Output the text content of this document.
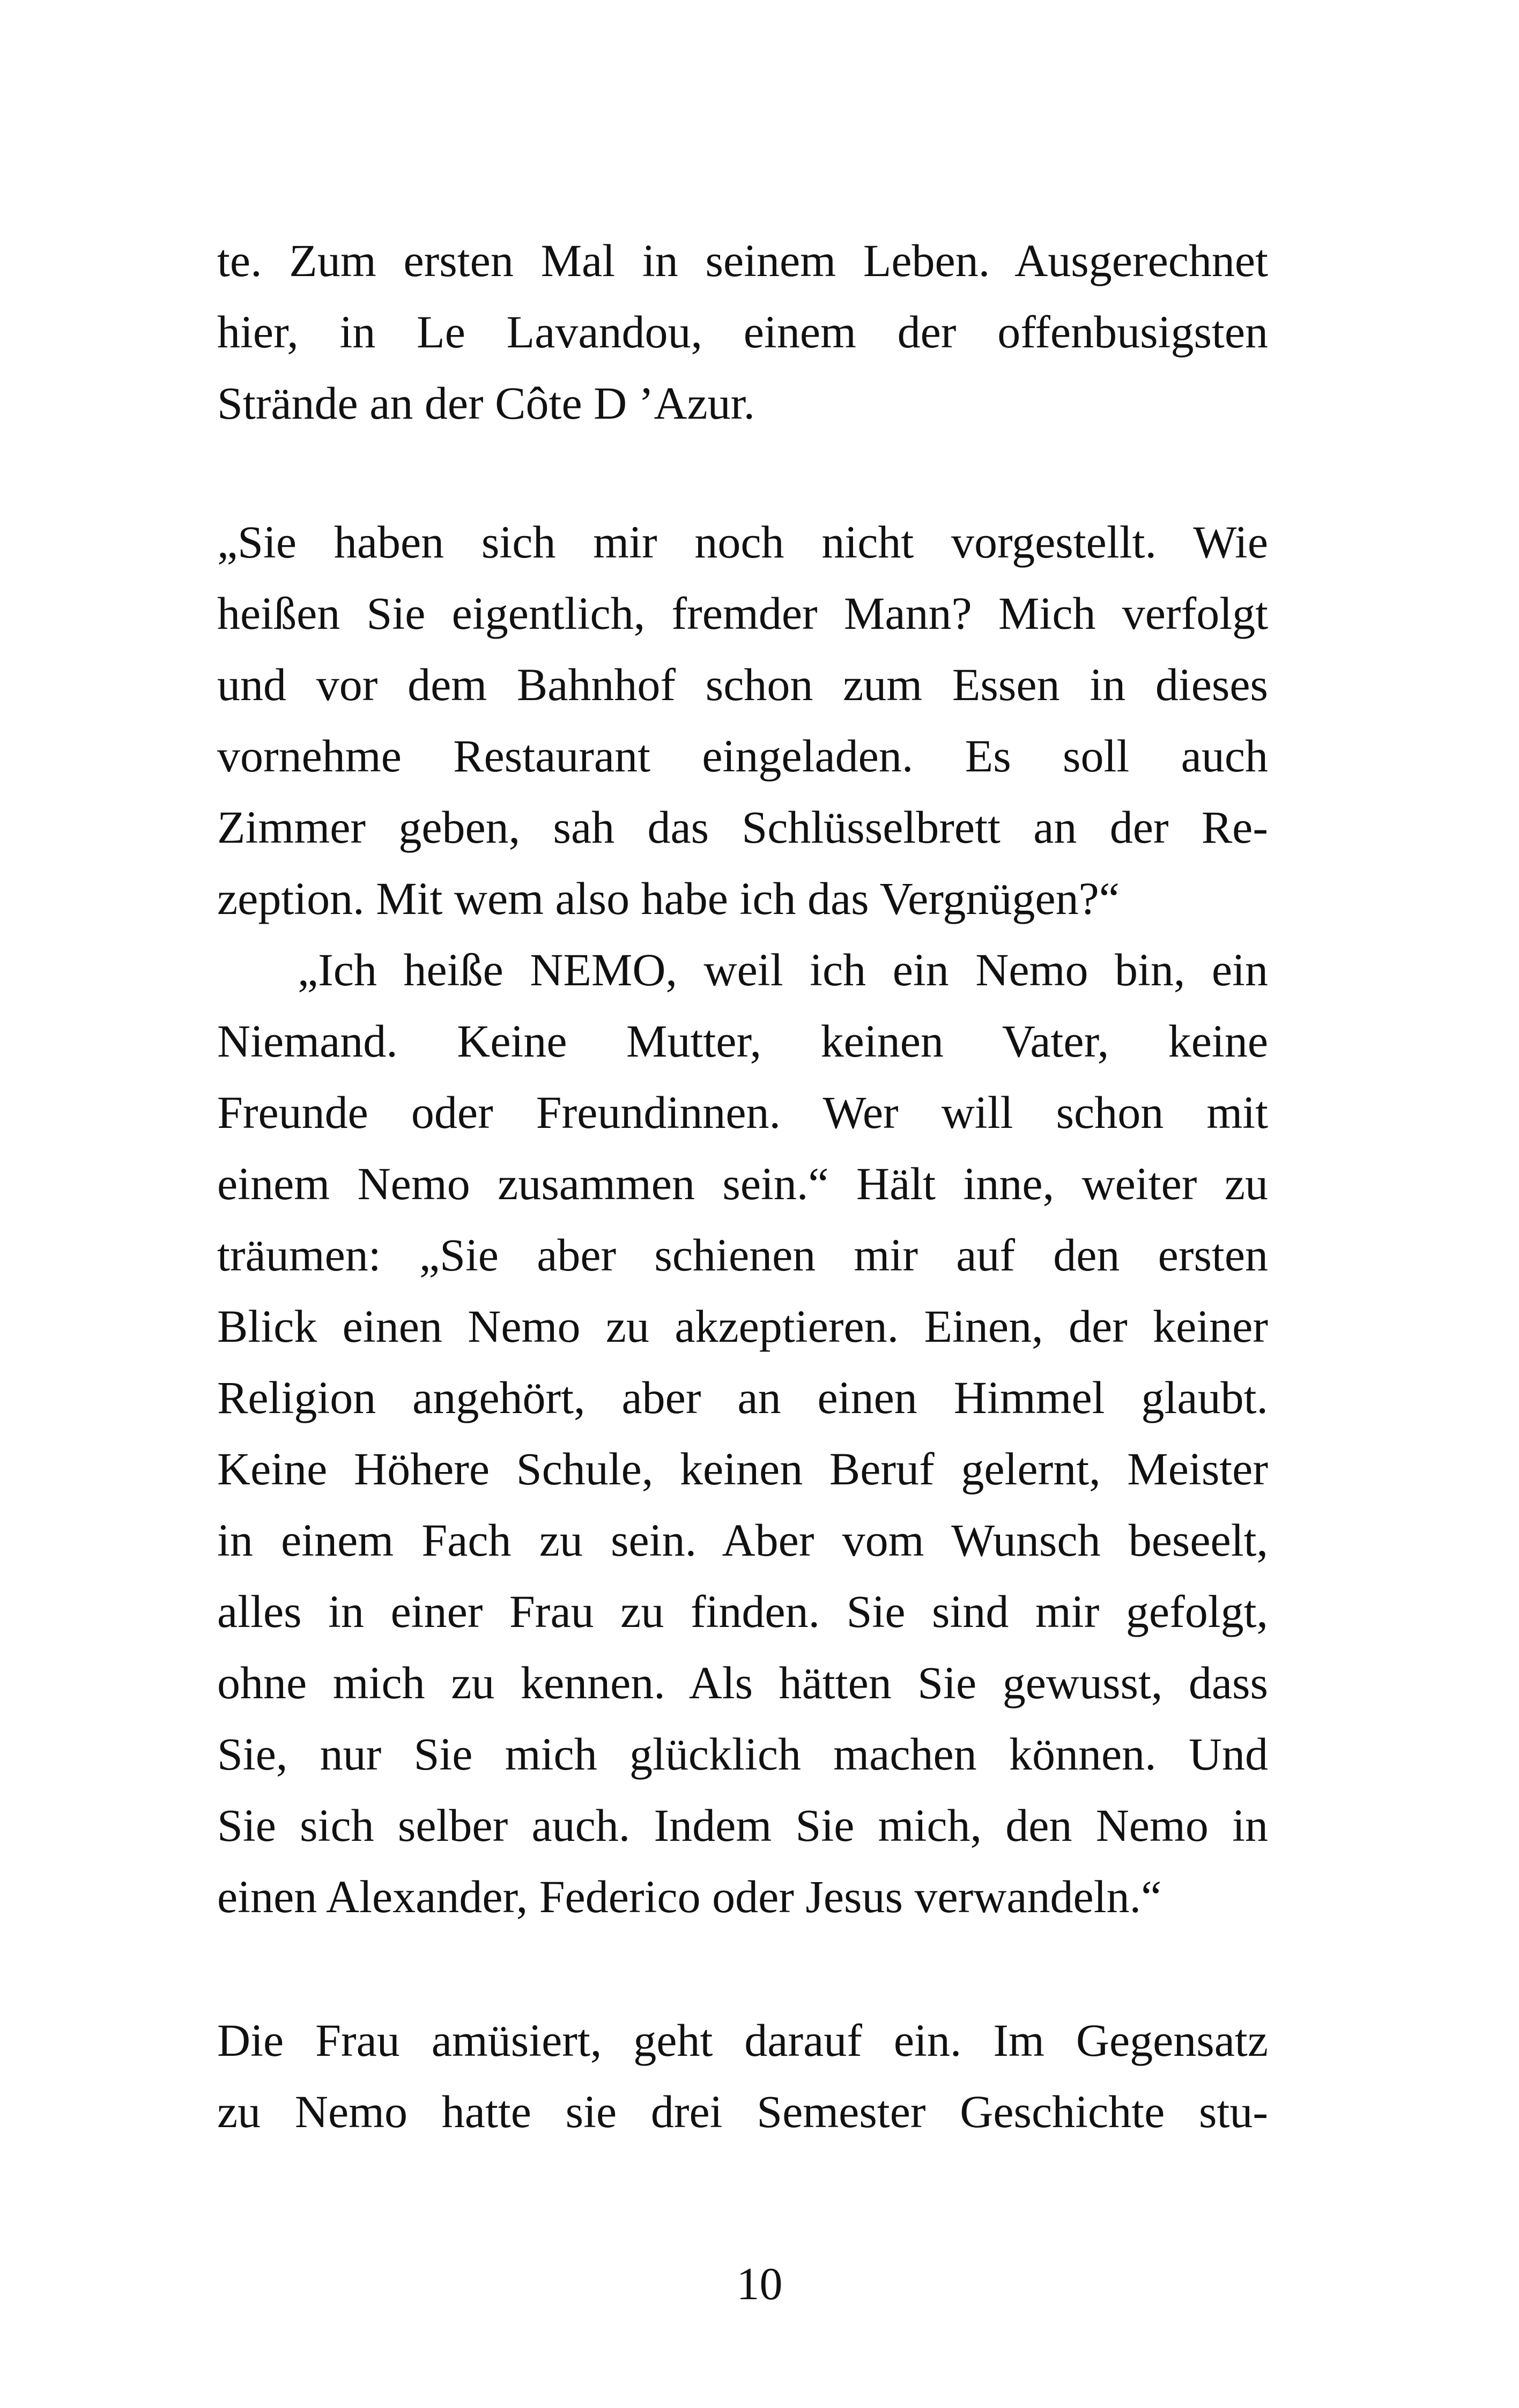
te. Zum ersten Mal in seinem Leben. Ausgerechnet
hier, in Le Lavandou, einem der offenbusigsten
Strände an der Côte D ’Azur.
„Sie haben sich mir noch nicht vorgestellt. Wie
heißen Sie eigentlich, fremder Mann? Mich verfolgt
und vor dem Bahnhof schon zum Essen in dieses
vornehme Restaurant eingeladen. Es soll auch
Zimmer geben, sah das Schlüsselbrett an der Re-
zeption. Mit wem also habe ich das Vergnügen?“
„Ich heiße NEMO, weil ich ein Nemo bin, ein
Niemand. Keine Mutter, keinen Vater, keine
Freunde oder Freundinnen. Wer will schon mit
einem Nemo zusammen sein.“ Hält inne, weiter zu
träumen: „Sie aber schienen mir auf den ersten
Blick einen Nemo zu akzeptieren. Einen, der keiner
Religion angehört, aber an einen Himmel glaubt.
Keine Höhere Schule, keinen Beruf gelernt, Meister
in einem Fach zu sein. Aber vom Wunsch beseelt,
alles in einer Frau zu finden. Sie sind mir gefolgt,
ohne mich zu kennen. Als hätten Sie gewusst, dass
Sie, nur Sie mich glücklich machen können. Und
Sie sich selber auch. Indem Sie mich, den Nemo in
einen Alexander, Federico oder Jesus verwandeln.“
Die Frau amüsiert, geht darauf ein. Im Gegensatz
zu Nemo hatte sie drei Semester Geschichte stu-
10
